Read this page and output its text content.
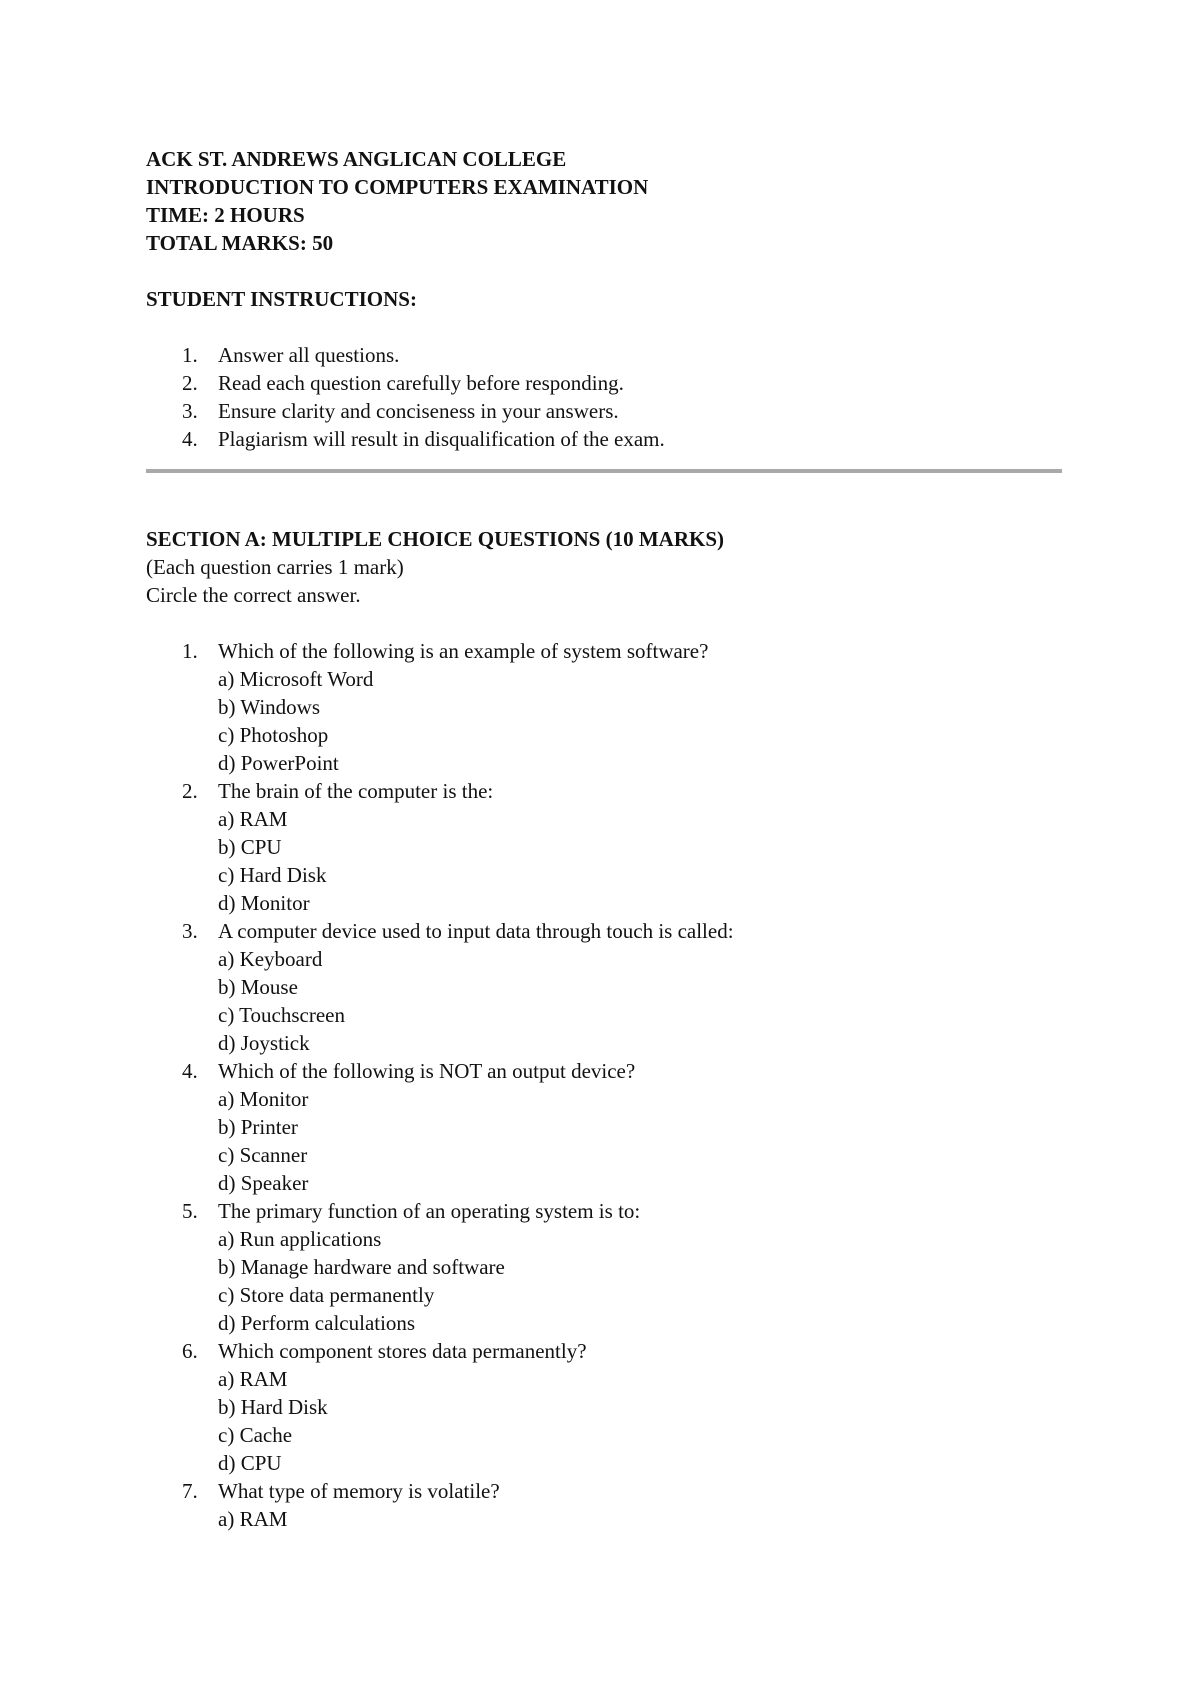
ACK ST. ANDREWS ANGLICAN COLLEGE

INTRODUCTION TO COMPUTERS EXAMINATION

TIME: 2 HOURS

TOTAL MARKS: 50

STUDENT INSTRUCTIONS:

1. Answer all questions.
2. Read each question carefully before responding.
3. Ensure clarity and conciseness in your answers.
4. Plagiarism will result in disqualification of the exam.

SECTION A: MULTIPLE CHOICE QUESTIONS (10 MARKS)

(Each question carries 1 mark)

Circle the correct answer.

1. Which of the following is an example of system software?
a) Microsoft Word
b) Windows
c) Photoshop
d) PowerPoint
2. The brain of the computer is the:
a) RAM
b) CPU
c) Hard Disk
d) Monitor
3. A computer device used to input data through touch is called:
a) Keyboard
b) Mouse
c) Touchscreen
d) Joystick
4. Which of the following is NOT an output device?
a) Monitor
b) Printer
c) Scanner
d) Speaker
5. The primary function of an operating system is to:
a) Run applications
b) Manage hardware and software
c) Store data permanently
d) Perform calculations
6. Which component stores data permanently?
a) RAM
b) Hard Disk
c) Cache
d) CPU
7. What type of memory is volatile?
a) RAM
